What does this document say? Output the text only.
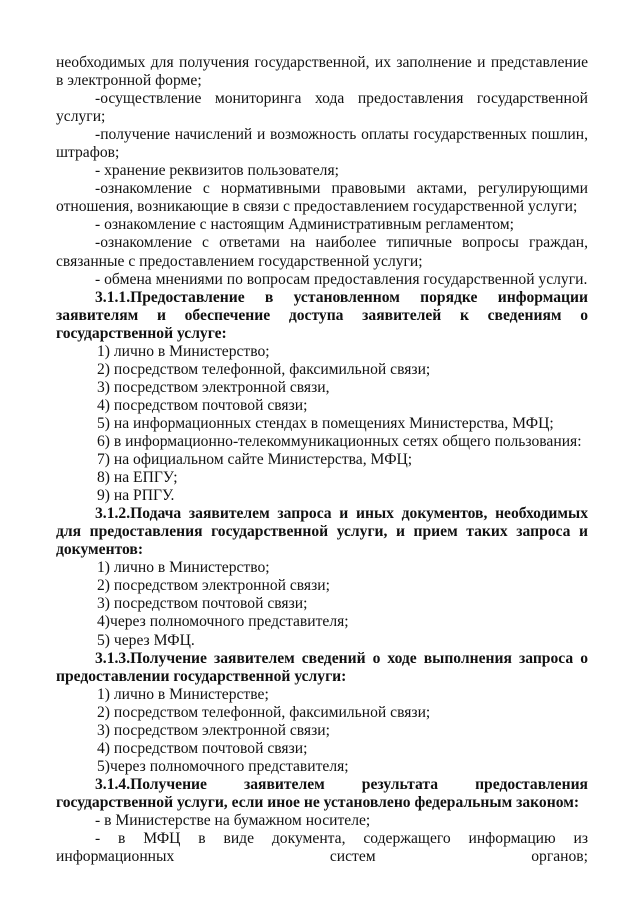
необходимых для получения государственной, их заполнение и представление в электронной форме;

-осуществление мониторинга хода предоставления государственной услуги;

-получение начислений и возможность оплаты государственных пошлин, штрафов;

- хранение реквизитов пользователя;

-ознакомление с нормативными правовыми актами, регулирующими отношения, возникающие в связи с предоставлением государственной услуги;

- ознакомление с настоящим Административным регламентом;

-ознакомление с ответами на наиболее типичные вопросы граждан, связанные с предоставлением государственной услуги;

- обмена мнениями по вопросам предоставления государственной услуги.

3.1.1.Предоставление в установленном порядке информации заявителям и обеспечение доступа заявителей к сведениям о государственной услуге:

1) лично в Министерство;

2) посредством телефонной, факсимильной связи;

3) посредством электронной связи,

4) посредством почтовой связи;

5) на информационных стендах в помещениях Министерства, МФЦ;

6) в информационно-телекоммуникационных сетях общего пользования:

7) на официальном сайте Министерства, МФЦ;

8) на ЕПГУ;

9) на РПГУ.

3.1.2.Подача заявителем запроса и иных документов, необходимых для предоставления государственной услуги, и прием таких запроса и документов:

1) лично в Министерство;

2) посредством электронной связи;

3) посредством почтовой связи;

4)через полномочного представителя;

5) через МФЦ.

3.1.3.Получение заявителем сведений о ходе выполнения запроса о предоставлении государственной услуги:

1) лично в Министерстве;

2) посредством телефонной, факсимильной связи;

3) посредством электронной связи;

4) посредством почтовой связи;

5)через полномочного представителя;

3.1.4.Получение заявителем результата предоставления государственной услуги, если иное не установлено федеральным законом:

- в Министерстве на бумажном носителе;

- в МФЦ в виде документа, содержащего информацию из информационных систем органов;
